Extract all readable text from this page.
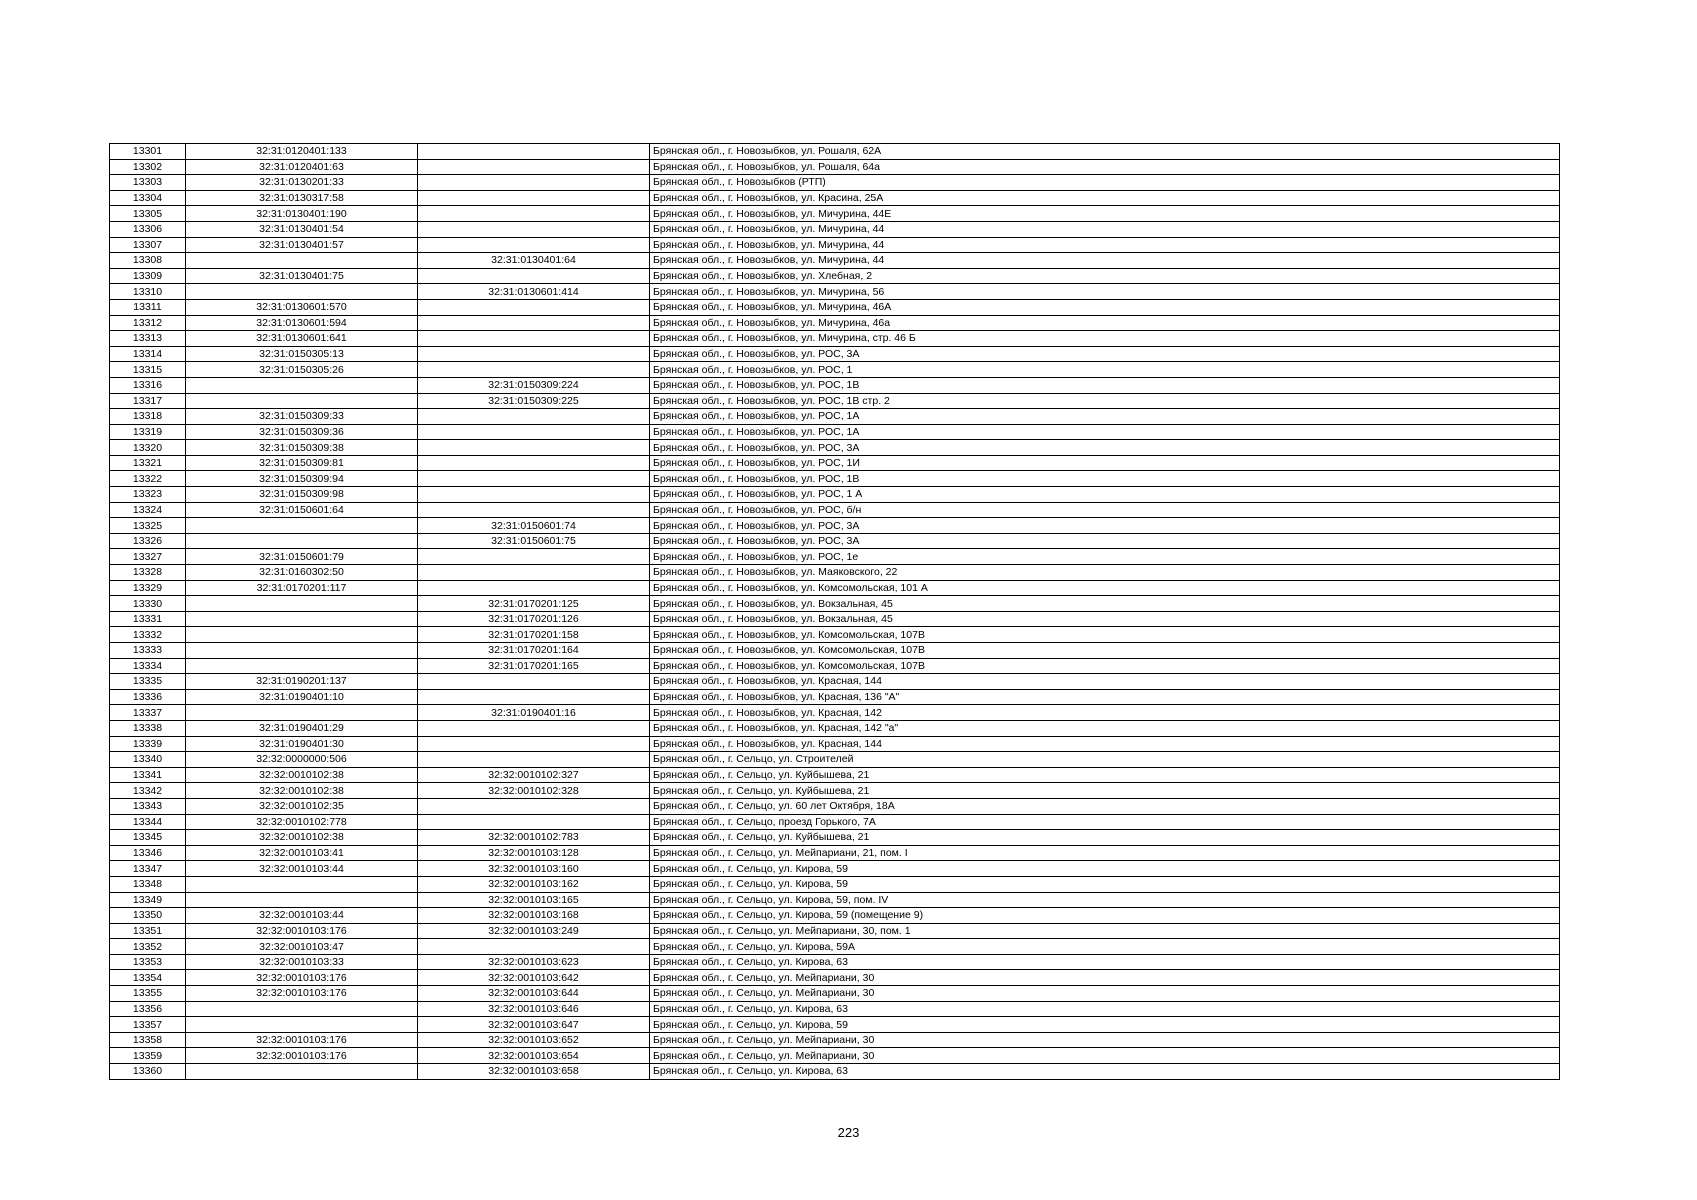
13301	32:31:0120401:133		Брянская обл., г. Новозыбков, ул. Рошаля, 62А
13302	32:31:0120401:63		Брянская обл., г. Новозыбков, ул. Рошаля, 64а
13303	32:31:0130201:33		Брянская обл., г. Новозыбков (РТП)
13304	32:31:0130317:58		Брянская обл., г. Новозыбков, ул. Красина, 25А
13305	32:31:0130401:190		Брянская обл., г. Новозыбков, ул. Мичурина, 44Е
13306	32:31:0130401:54		Брянская обл., г. Новозыбков, ул. Мичурина, 44
13307	32:31:0130401:57		Брянская обл., г. Новозыбков, ул. Мичурина, 44
13308		32:31:0130401:64	Брянская обл., г. Новозыбков, ул. Мичурина, 44
13309	32:31:0130401:75		Брянская обл., г. Новозыбков, ул. Хлебная, 2
13310		32:31:0130601:414	Брянская обл., г. Новозыбков, ул. Мичурина, 56
13311	32:31:0130601:570		Брянская обл., г. Новозыбков, ул. Мичурина, 46А
13312	32:31:0130601:594		Брянская обл., г. Новозыбков, ул. Мичурина, 46а
13313	32:31:0130601:641		Брянская обл., г. Новозыбков, ул. Мичурина, стр. 46 Б
13314	32:31:0150305:13		Брянская обл., г. Новозыбков, ул. РОС, 3А
13315	32:31:0150305:26		Брянская обл., г. Новозыбков, ул. РОС, 1
13316		32:31:0150309:224	Брянская обл., г. Новозыбков, ул. РОС, 1В
13317		32:31:0150309:225	Брянская обл., г. Новозыбков, ул. РОС, 1В стр. 2
13318	32:31:0150309:33		Брянская обл., г. Новозыбков, ул. РОС, 1А
13319	32:31:0150309:36		Брянская обл., г. Новозыбков, ул. РОС, 1А
13320	32:31:0150309:38		Брянская обл., г. Новозыбков, ул. РОС, 3А
13321	32:31:0150309:81		Брянская обл., г. Новозыбков, ул. РОС, 1И
13322	32:31:0150309:94		Брянская обл., г. Новозыбков, ул. РОС, 1В
13323	32:31:0150309:98		Брянская обл., г. Новозыбков, ул. РОС, 1 А
13324	32:31:0150601:64		Брянская обл., г. Новозыбков, ул. РОС, б/н
13325		32:31:0150601:74	Брянская обл., г. Новозыбков, ул. РОС, 3А
13326		32:31:0150601:75	Брянская обл., г. Новозыбков, ул. РОС, 3А
13327	32:31:0150601:79		Брянская обл., г. Новозыбков, ул. РОС, 1е
13328	32:31:0160302:50		Брянская обл., г. Новозыбков, ул. Маяковского, 22
13329	32:31:0170201:117		Брянская обл., г. Новозыбков, ул. Комсомольская, 101 А
13330		32:31:0170201:125	Брянская обл., г. Новозыбков, ул. Вокзальная, 45
13331		32:31:0170201:126	Брянская обл., г. Новозыбков, ул. Вокзальная, 45
13332		32:31:0170201:158	Брянская обл., г. Новозыбков, ул. Комсомольская, 107В
13333		32:31:0170201:164	Брянская обл., г. Новозыбков, ул. Комсомольская, 107В
13334		32:31:0170201:165	Брянская обл., г. Новозыбков, ул. Комсомольская, 107В
13335	32:31:0190201:137		Брянская обл., г. Новозыбков, ул. Красная, 144
13336	32:31:0190401:10		Брянская обл., г. Новозыбков, ул. Красная, 136 "А"
13337		32:31:0190401:16	Брянская обл., г. Новозыбков, ул. Красная, 142
13338	32:31:0190401:29		Брянская обл., г. Новозыбков, ул. Красная, 142 "а"
13339	32:31:0190401:30		Брянская обл., г. Новозыбков, ул. Красная, 144
13340	32:32:0000000:506		Брянская обл., г. Сельцо, ул. Строителей
13341	32:32:0010102:38	32:32:0010102:327	Брянская обл., г. Сельцо, ул. Куйбышева, 21
13342	32:32:0010102:38	32:32:0010102:328	Брянская обл., г. Сельцо, ул. Куйбышева, 21
13343	32:32:0010102:35		Брянская обл., г. Сельцо, ул. 60 лет Октября, 18А
13344	32:32:0010102:778		Брянская обл., г. Сельцо, проезд Горького, 7А
13345	32:32:0010102:38	32:32:0010102:783	Брянская обл., г. Сельцо, ул. Куйбышева, 21
13346	32:32:0010103:41	32:32:0010103:128	Брянская обл., г. Сельцо, ул. Мейпариани, 21, пом. I
13347	32:32:0010103:44	32:32:0010103:160	Брянская обл., г. Сельцо, ул. Кирова, 59
13348		32:32:0010103:162	Брянская обл., г. Сельцо, ул. Кирова, 59
13349		32:32:0010103:165	Брянская обл., г. Сельцо, ул. Кирова, 59, пом. IV
13350	32:32:0010103:44	32:32:0010103:168	Брянская обл., г. Сельцо, ул. Кирова, 59 (помещение 9)
13351	32:32:0010103:176	32:32:0010103:249	Брянская обл., г. Сельцо, ул. Мейпариани, 30, пом. 1
13352	32:32:0010103:47		Брянская обл., г. Сельцо, ул. Кирова, 59А
13353	32:32:0010103:33	32:32:0010103:623	Брянская обл., г. Сельцо, ул. Кирова, 63
13354	32:32:0010103:176	32:32:0010103:642	Брянская обл., г. Сельцо, ул. Мейпариани, 30
13355	32:32:0010103:176	32:32:0010103:644	Брянская обл., г. Сельцо, ул. Мейпариани, 30
13356		32:32:0010103:646	Брянская обл., г. Сельцо, ул. Кирова, 63
13357		32:32:0010103:647	Брянская обл., г. Сельцо, ул. Кирова, 59
13358	32:32:0010103:176	32:32:0010103:652	Брянская обл., г. Сельцо, ул. Мейпариани, 30
13359	32:32:0010103:176	32:32:0010103:654	Брянская обл., г. Сельцо, ул. Мейпариани, 30
13360		32:32:0010103:658	Брянская обл., г. Сельцо, ул. Кирова, 63
223
